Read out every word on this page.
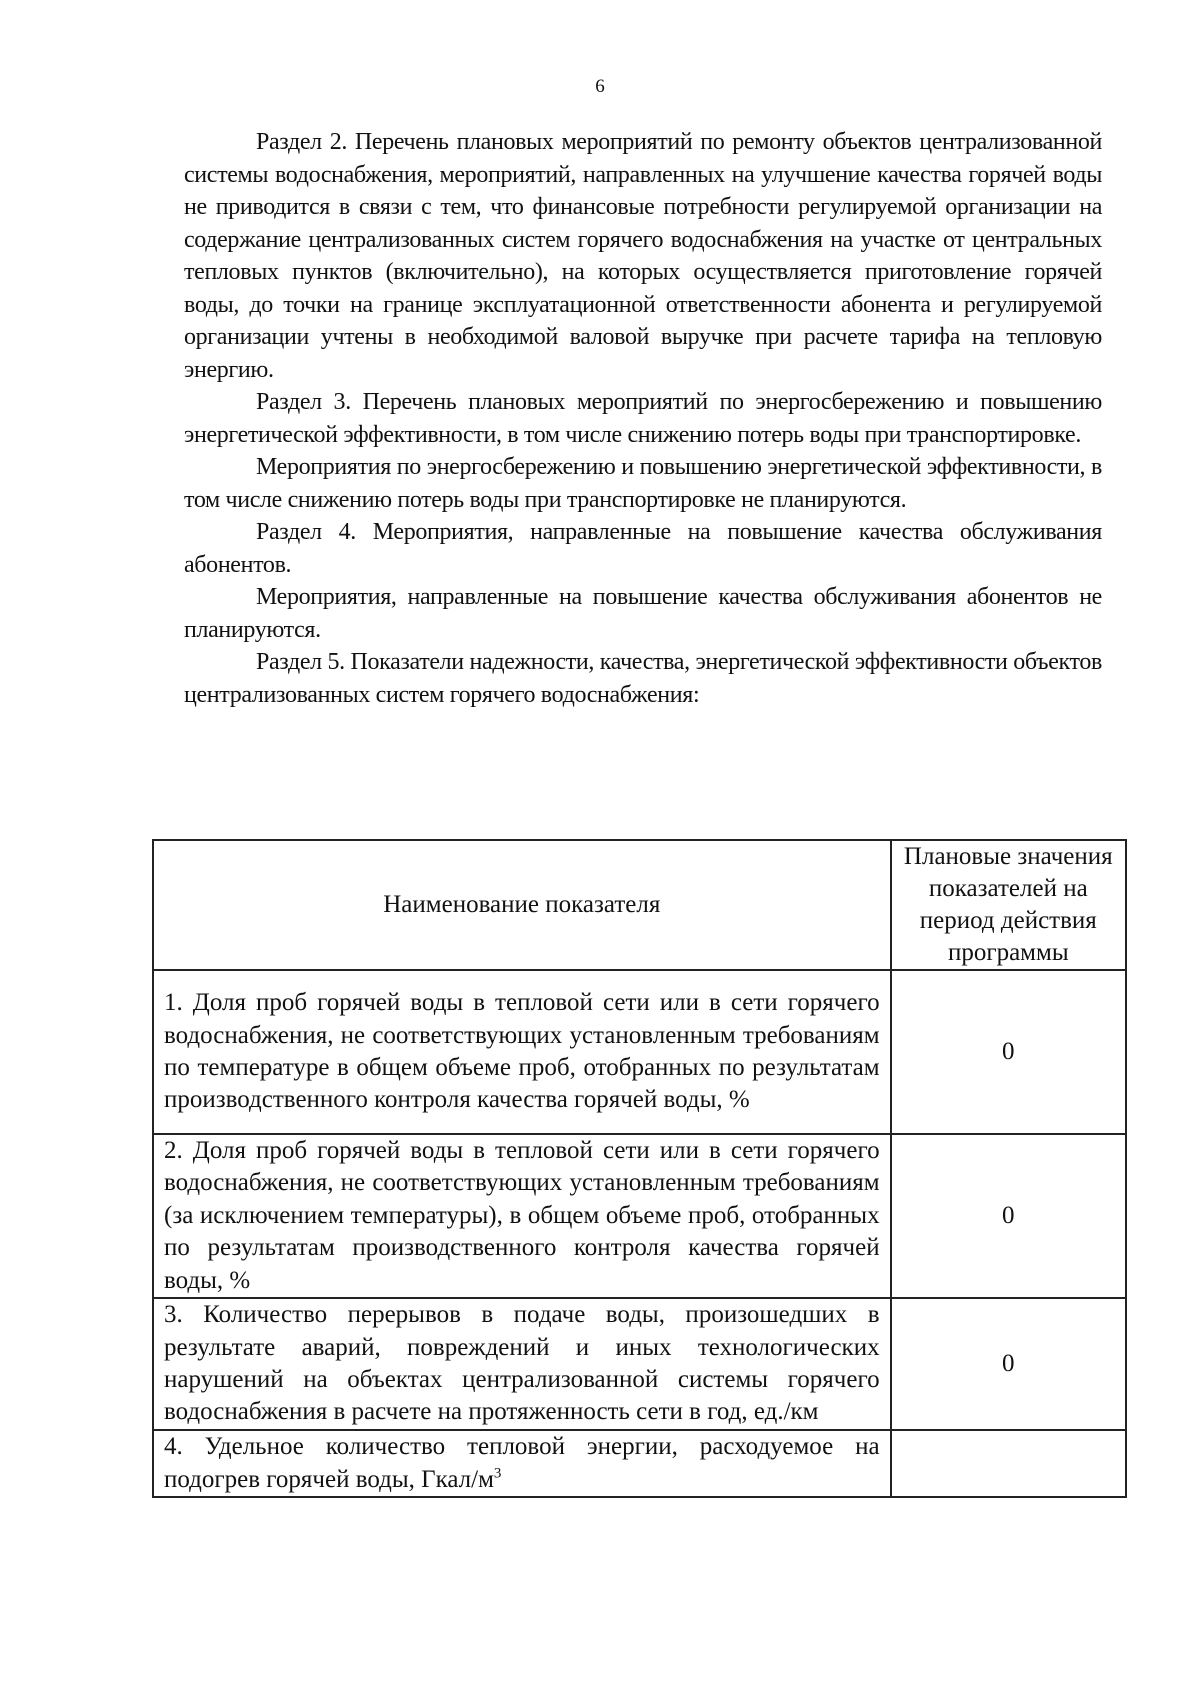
6

Раздел 2. Перечень плановых мероприятий по ремонту объектов централизованной системы водоснабжения, мероприятий, направленных на улучшение качества горячей воды не приводится в связи с тем, что финансовые потребности регулируемой организации на содержание централизованных систем горячего водоснабжения на участке от центральных тепловых пунктов (включительно), на которых осуществляется приготовление горячей воды, до точки на границе эксплуатационной ответственности абонента и регулируемой организации учтены в необходимой валовой выручке при расчете тарифа на тепловую энергию.

Раздел 3. Перечень плановых мероприятий по энергосбережению и повышению энергетической эффективности, в том числе снижению потерь воды при транспортировке.

Мероприятия по энергосбережению и повышению энергетической эффективности, в том числе снижению потерь воды при транспортировке не планируются.

Раздел 4. Мероприятия, направленные на повышение качества обслуживания абонентов.

Мероприятия, направленные на повышение качества обслуживания абонентов не планируются.

Раздел 5. Показатели надежности, качества, энергетической эффективности объектов централизованных систем горячего водоснабжения:

Наименование показателя	Плановые значения показателей на период действия программы
1. Доля проб горячей воды в тепловой сети или в сети горячего водоснабжения, не соответствующих установленным требованиям по температуре в общем объеме проб, отобранных по результатам производственного контроля качества горячей воды, %	0
2. Доля проб горячей воды в тепловой сети или в сети горячего водоснабжения, не соответствующих установленным требованиям (за исключением температуры), в общем объеме проб, отобранных по результатам производственного контроля качества горячей воды, %	0
3. Количество перерывов в подаче воды, произошедших в результате аварий, повреждений и иных технологических нарушений на объектах централизованной системы горячего водоснабжения в расчете на протяженность сети в год, ед./км	0
4. Удельное количество тепловой энергии, расходуемое на подогрев горячей воды, Гкал/$м^3$	
